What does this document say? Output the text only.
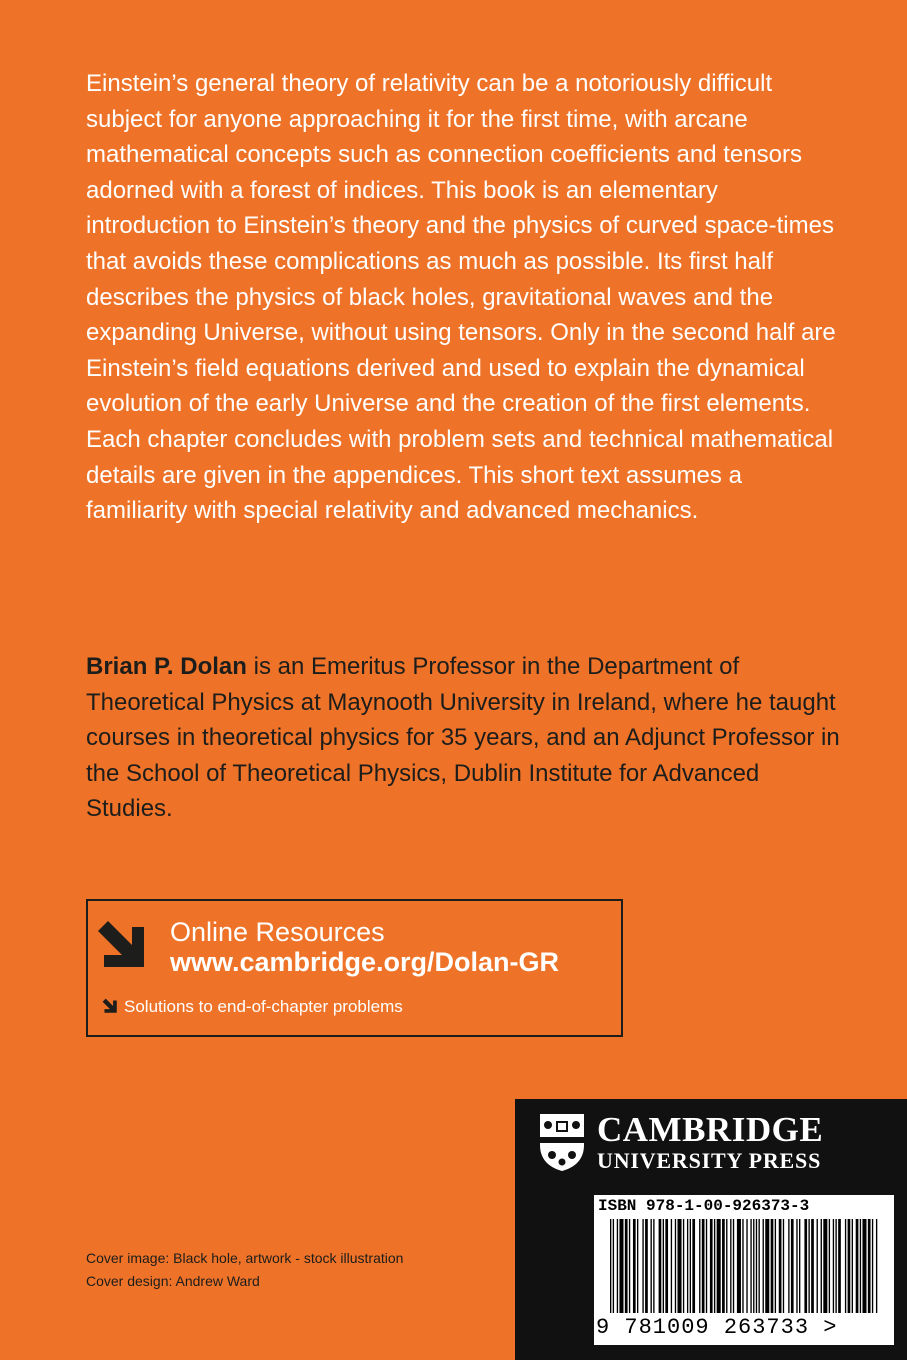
Einstein’s general theory of relativity can be a notoriously difficult subject for anyone approaching it for the first time, with arcane mathematical concepts such as connection coefficients and tensors adorned with a forest of indices. This book is an elementary introduction to Einstein’s theory and the physics of curved space-times that avoids these complications as much as possible. Its first half describes the physics of black holes, gravitational waves and the expanding Universe, without using tensors. Only in the second half are Einstein’s field equations derived and used to explain the dynamical evolution of the early Universe and the creation of the first elements. Each chapter concludes with problem sets and technical mathematical details are given in the appendices. This short text assumes a familiarity with special relativity and advanced mechanics.

Brian P. Dolan is an Emeritus Professor in the Department of Theoretical Physics at Maynooth University in Ireland, where he taught courses in theoretical physics for 35 years, and an Adjunct Professor in the School of Theoretical Physics, Dublin Institute for Advanced Studies.

Online Resources
www.cambridge.org/Dolan-GR
Solutions to end-of-chapter problems
Cover image: Black hole, artwork - stock illustration
Cover design: Andrew Ward
CAMBRIDGE
UNIVERSITY PRESS
ISBN 978-1-00-926373-3
9 781009 263733 >
